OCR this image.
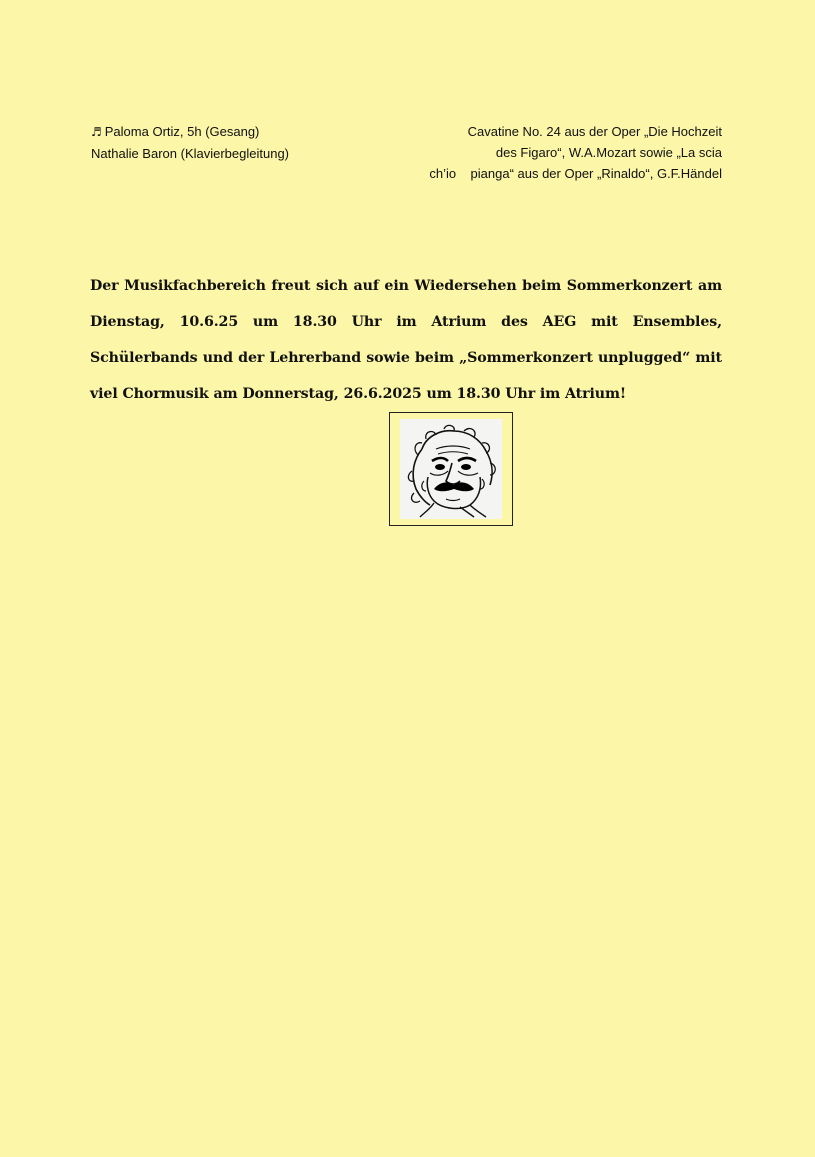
♬ Paloma Ortiz, 5h (Gesang)
Nathalie Baron (Klavierbegleitung)
Cavatine No. 24 aus der Oper „Die Hochzeit
des Figaro“, W.A.Mozart sowie „La scia
ch’io    pianga“ aus der Oper „Rinaldo“, G.F.Händel
Der Musikfachbereich freut sich auf ein Wiedersehen beim Sommerkonzert am Dienstag, 10.6.25 um 18.30 Uhr im Atrium des AEG mit Ensembles, Schülerbands und der Lehrerband sowie beim „Sommerkonzert unplugged“ mit viel Chormusik am Donnerstag, 26.6.2025 um 18.30 Uhr im Atrium!
